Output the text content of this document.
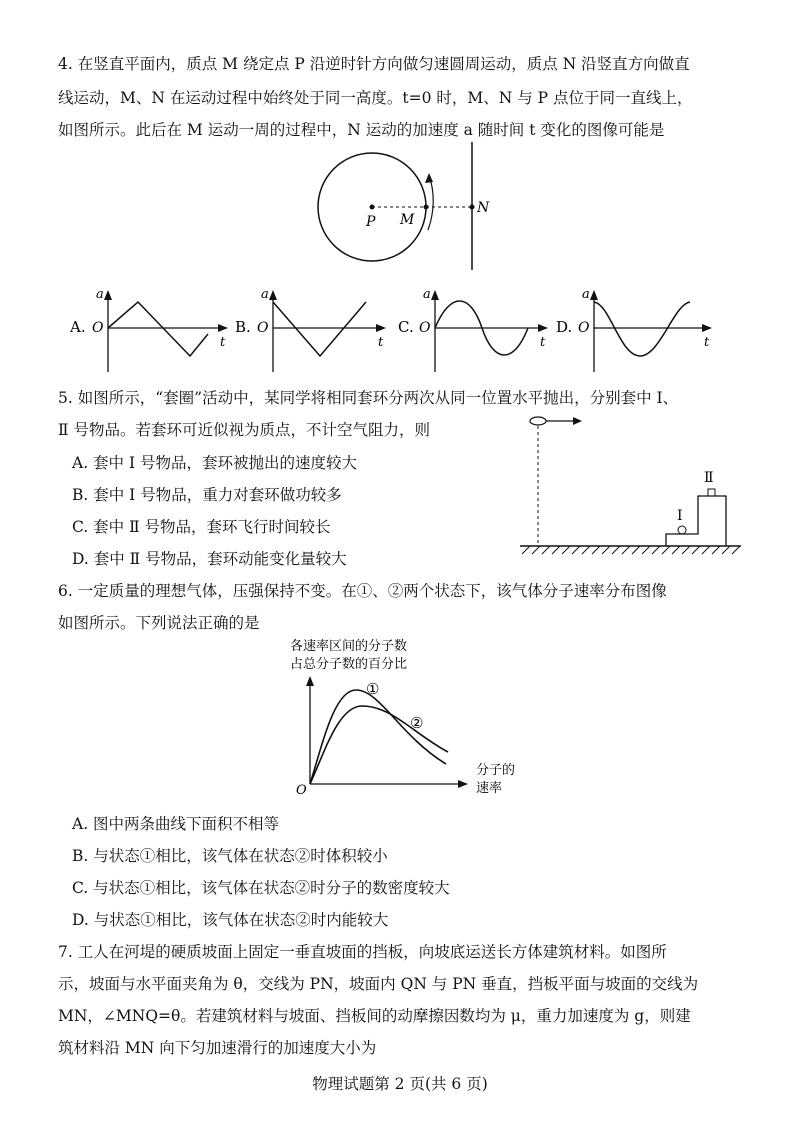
4. 在竖直平面内，质点 M 绕定点 P 沿逆时针方向做匀速圆周运动，质点 N 沿竖直方向做直
线运动，M、N 在运动过程中始终处于同一高度。t=0 时，M、N 与 P 点位于同一直线上，
如图所示。此后在 M 运动一周的过程中，N 运动的加速度 a 随时间 t 变化的图像可能是
P M
N
A. O
a
t
B. O
a
t
C. O
a
t
D. O
a
t
5. 如图所示，“套圈”活动中，某同学将相同套环分两次从同一位置水平抛出，分别套中 Ⅰ、
Ⅱ 号物品。若套环可近似视为质点，不计空气阻力，则
A. 套中 Ⅰ 号物品，套环被抛出的速度较大
B. 套中 Ⅰ 号物品，重力对套环做功较多
C. 套中 Ⅱ 号物品，套环飞行时间较长
D. 套中 Ⅱ 号物品，套环动能变化量较大
Ⅰ
Ⅱ
6. 一定质量的理想气体，压强保持不变。在①、②两个状态下，该气体分子速率分布图像
如图所示。下列说法正确的是
各速率区间的分子数
占总分子数的百分比
O
①
②
分子的
速率
A. 图中两条曲线下面积不相等
B. 与状态①相比，该气体在状态②时体积较小
C. 与状态①相比，该气体在状态②时分子的数密度较大
D. 与状态①相比，该气体在状态②时内能较大
7. 工人在河堤的硬质坡面上固定一垂直坡面的挡板，向坡底运送长方体建筑材料。如图所
示，坡面与水平面夹角为 θ，交线为 PN，坡面内 QN 与 PN 垂直，挡板平面与坡面的交线为
MN，∠MNQ=θ。若建筑材料与坡面、挡板间的动摩擦因数均为 μ，重力加速度为 g，则建
筑材料沿 MN 向下匀加速滑行的加速度大小为
物理试题第 2 页(共 6 页)
